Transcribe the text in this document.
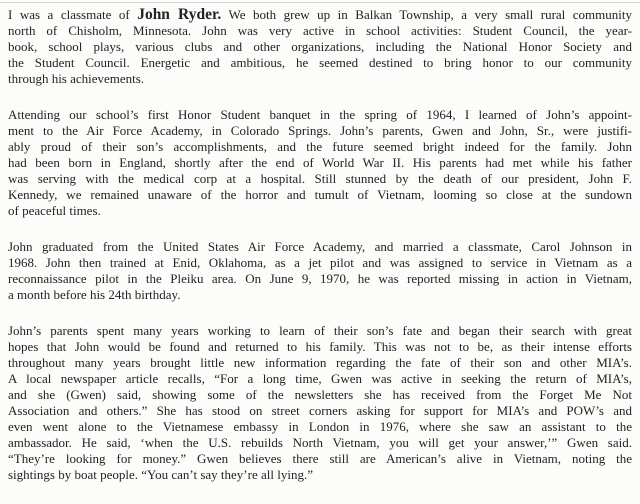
I was a classmate of John Ryder. We both grew up in Balkan Township, a very small rural community
north of Chisholm, Minnesota. John was very active in school activities: Student Council, the year-
book, school plays, various clubs and other organizations, including the National Honor Society and
the Student Council. Energetic and ambitious, he seemed destined to bring honor to our community
through his achievements.
Attending our school’s first Honor Student banquet in the spring of 1964, I learned of John’s appoint-
ment to the Air Force Academy, in Colorado Springs. John’s parents, Gwen and John, Sr., were justifi-
ably proud of their son’s accomplishments, and the future seemed bright indeed for the family. John
had been born in England, shortly after the end of World War II. His parents had met while his father
was serving with the medical corp at a hospital. Still stunned by the death of our president, John F.
Kennedy, we remained unaware of the horror and tumult of Vietnam, looming so close at the sundown
of peaceful times.
John graduated from the United States Air Force Academy, and married a classmate, Carol Johnson in
1968. John then trained at Enid, Oklahoma, as a jet pilot and was assigned to service in Vietnam as a
reconnaissance pilot in the Pleiku area. On June 9, 1970, he was reported missing in action in Vietnam,
a month before his 24th birthday.
John’s parents spent many years working to learn of their son’s fate and began their search with great
hopes that John would be found and returned to his family. This was not to be, as their intense efforts
throughout many years brought little new information regarding the fate of their son and other MIA’s.
A local newspaper article recalls, “For a long time, Gwen was active in seeking the return of MIA’s,
and she (Gwen) said, showing some of the newsletters she has received from the Forget Me Not
Association and others.” She has stood on street corners asking for support for MIA’s and POW’s and
even went alone to the Vietnamese embassy in London in 1976, where she saw an assistant to the
ambassador. He said, ‘when the U.S. rebuilds North Vietnam, you will get your answer,’” Gwen said.
“They’re looking for money.” Gwen believes there still are American’s alive in Vietnam, noting the
sightings by boat people. “You can’t say they’re all lying.”
